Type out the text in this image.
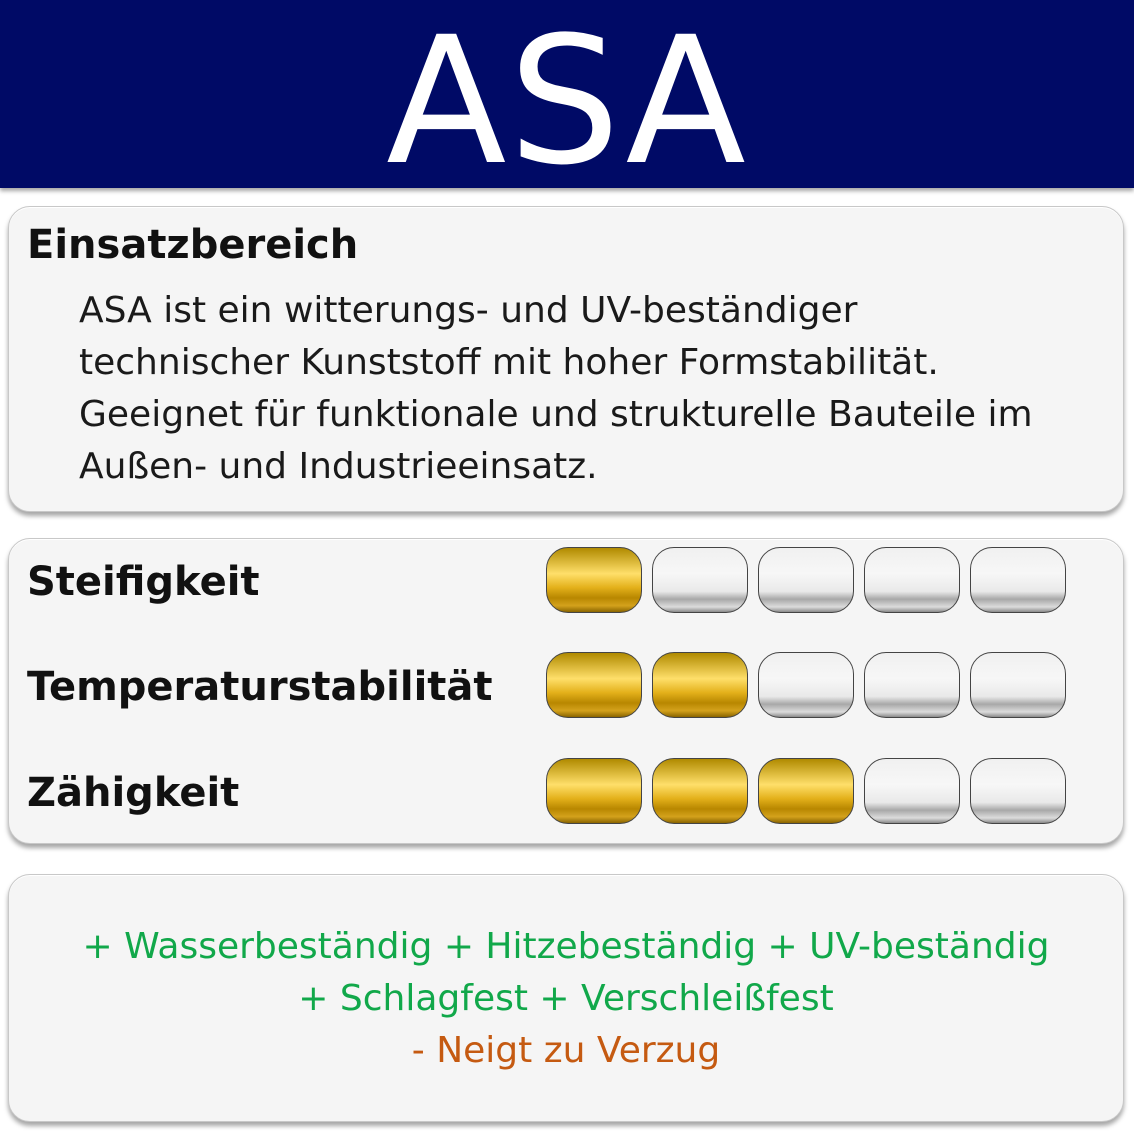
ASA
Einsatzbereich

ASA ist ein witterungs- und UV-beständiger
technischer Kunststoff mit hoher Formstabilität.
Geeignet für funktionale und strukturelle Bauteile im
Außen- und Industrieeinsatz.

Steifigkeit
Temperaturstabilität
Zähigkeit
+ Wasserbeständig + Hitzebeständig + UV-beständig
+ Schlagfest + Verschleißfest
- Neigt zu Verzug
